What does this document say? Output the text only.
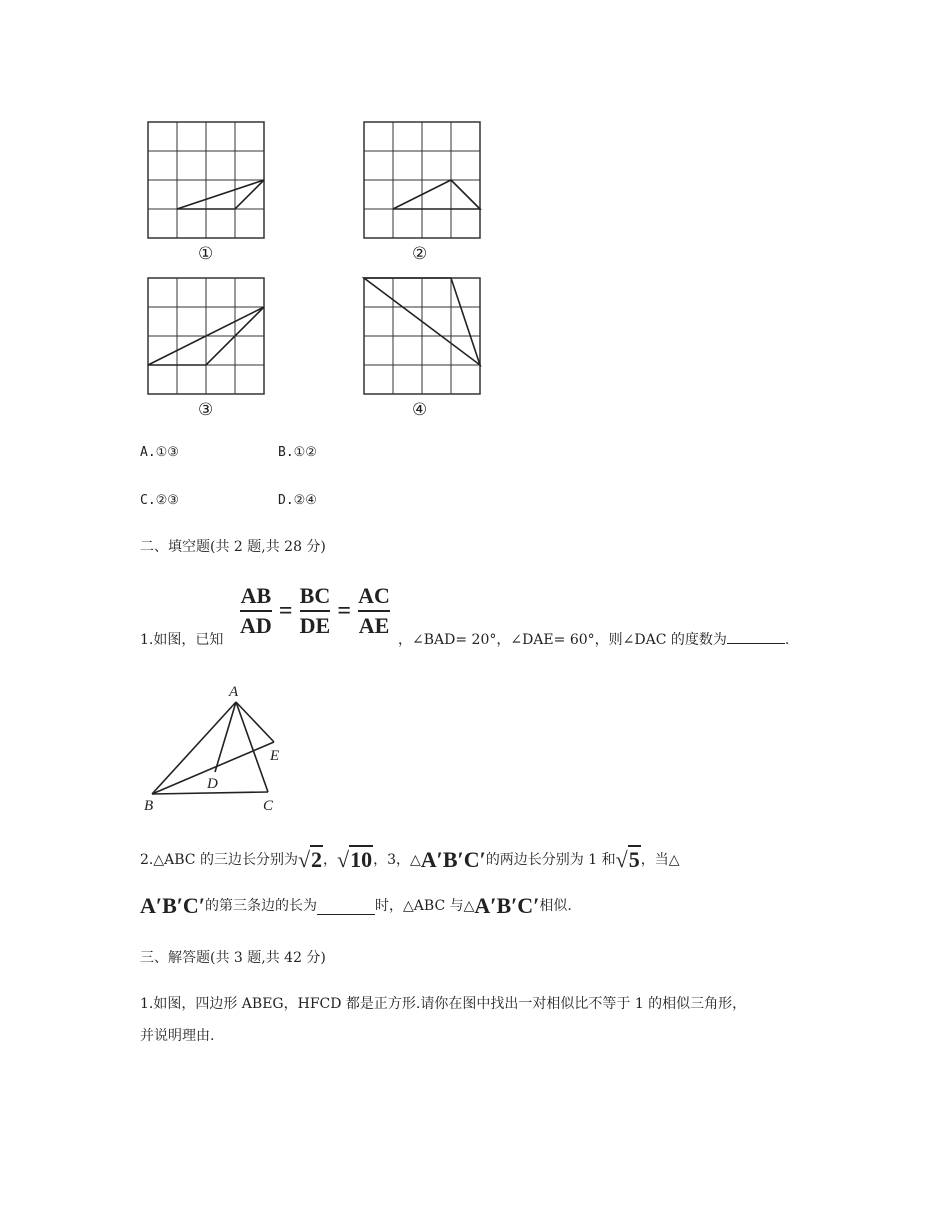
①	②
③	④
A.①③	B.①②
C.②③	D.②④
二、填空题(共 2 题,共 28 分)
1.如图，已知
$\frac{AB}{AD} = \frac{BC}{DE} = \frac{AC}{AE}$
，∠BAD= 20°，∠DAE= 60°，则∠DAC 的度数为	.
A
B	C
D
E
2.△ABC 的三边长分别为 √2 ， √10 ，3，△ A′B′C′ 的两边长分别为 1 和 √5 ，当△
A′B′C′ 的第三条边的长为	时，△ABC 与△ A′B′C′ 相似.
三、解答题(共 3 题,共 42 分)
1.如图，四边形 ABEG，HFCD 都是正方形.请你在图中找出一对相似比不等于 1 的相似三角形，
并说明理由.
